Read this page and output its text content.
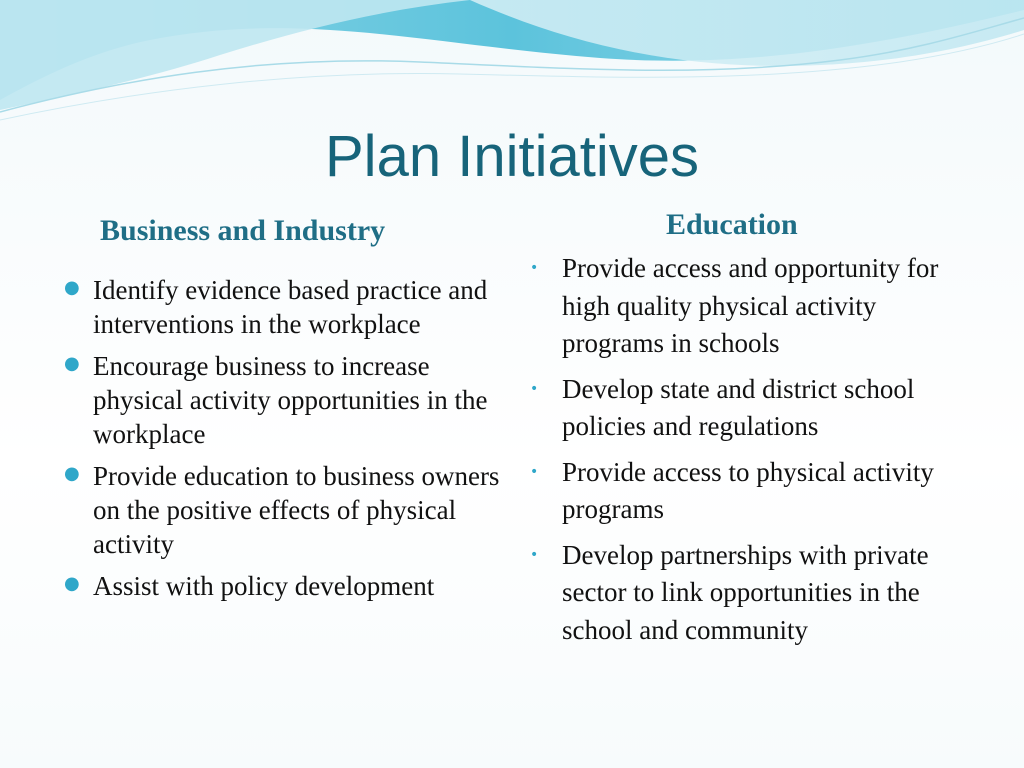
Plan Initiatives
Business and Industry	Education
● Identify evidence based practice and interventions in the workplace
● Encourage business to increase physical activity opportunities in the workplace
● Provide education to business owners on the positive effects of physical activity
● Assist with policy development
• Provide access and opportunity for high quality physical activity programs in schools
• Develop state and district school policies and regulations
• Provide access to physical activity programs
• Develop partnerships with private sector to link opportunities in the school and community
